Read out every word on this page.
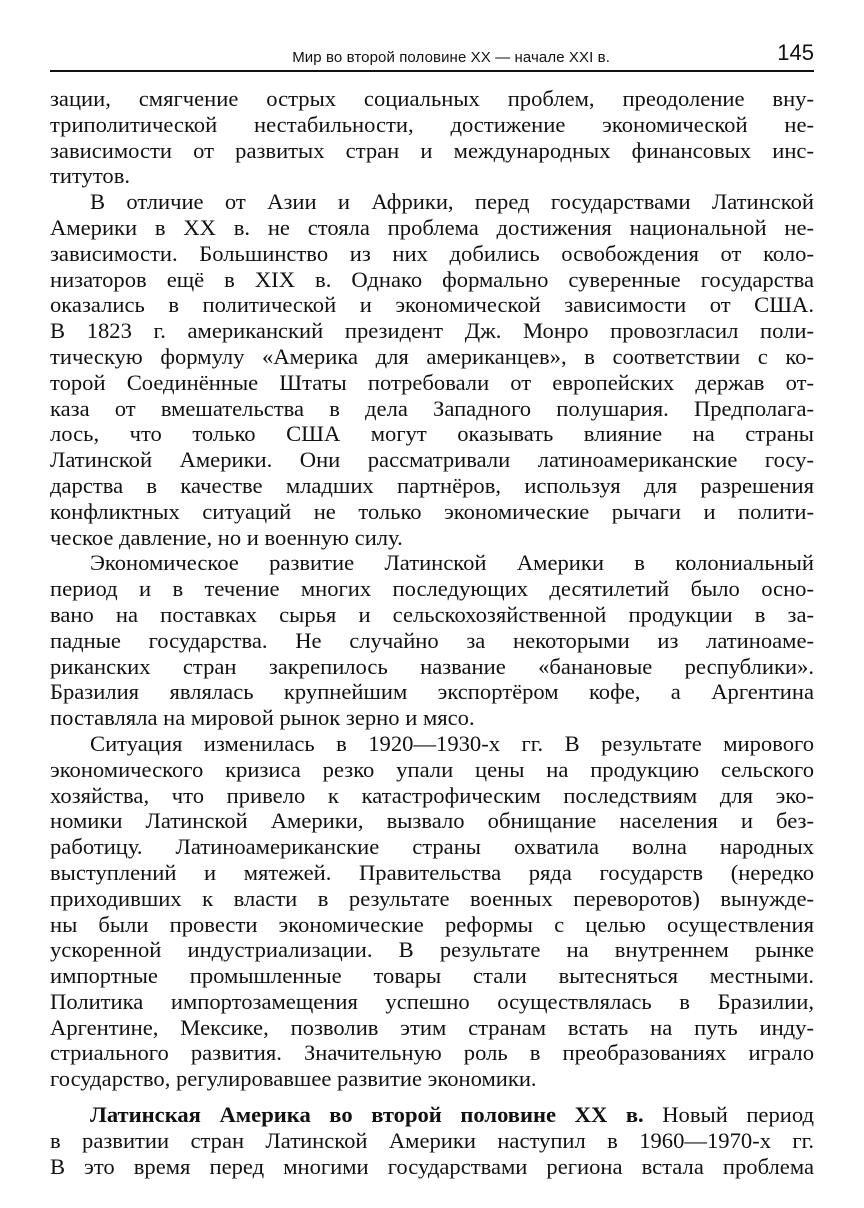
Мир во второй половине XX — начале XXI в.	145
зации, смягчение острых социальных проблем, преодоление вну-
триполитической нестабильности, достижение экономической не-
зависимости от развитых стран и международных финансовых инс-
титутов.
В отличие от Азии и Африки, перед государствами Латинской
Америки в XX в. не стояла проблема достижения национальной не-
зависимости. Большинство из них добились освобождения от коло-
низаторов ещё в XIX в. Однако формально суверенные государства
оказались в политической и экономической зависимости от США.
В 1823 г. американский президент Дж. Монро провозгласил поли-
тическую формулу «Америка для американцев», в соответствии с ко-
торой Соединённые Штаты потребовали от европейских держав от-
каза от вмешательства в дела Западного полушария. Предполага-
лось, что только США могут оказывать влияние на страны
Латинской Америки. Они рассматривали латиноамериканские госу-
дарства в качестве младших партнёров, используя для разрешения
конфликтных ситуаций не только экономические рычаги и полити-
ческое давление, но и военную силу.
Экономическое развитие Латинской Америки в колониальный
период и в течение многих последующих десятилетий было осно-
вано на поставках сырья и сельскохозяйственной продукции в за-
падные государства. Не случайно за некоторыми из латиноаме-
риканских стран закрепилось название «банановые республики».
Бразилия являлась крупнейшим экспортёром кофе, а Аргентина
поставляла на мировой рынок зерно и мясо.
Ситуация изменилась в 1920—1930-х гг. В результате мирового
экономического кризиса резко упали цены на продукцию сельского
хозяйства, что привело к катастрофическим последствиям для эко-
номики Латинской Америки, вызвало обнищание населения и без-
работицу. Латиноамериканские страны охватила волна народных
выступлений и мятежей. Правительства ряда государств (нередко
приходивших к власти в результате военных переворотов) вынужде-
ны были провести экономические реформы с целью осуществления
ускоренной индустриализации. В результате на внутреннем рынке
импортные промышленные товары стали вытесняться местными.
Политика импортозамещения успешно осуществлялась в Бразилии,
Аргентине, Мексике, позволив этим странам встать на путь инду-
стриального развития. Значительную роль в преобразованиях играло
государство, регулировавшее развитие экономики.
Латинская Америка во второй половине XX в. Новый период
в развитии стран Латинской Америки наступил в 1960—1970-х гг.
В это время перед многими государствами региона встала проблема
